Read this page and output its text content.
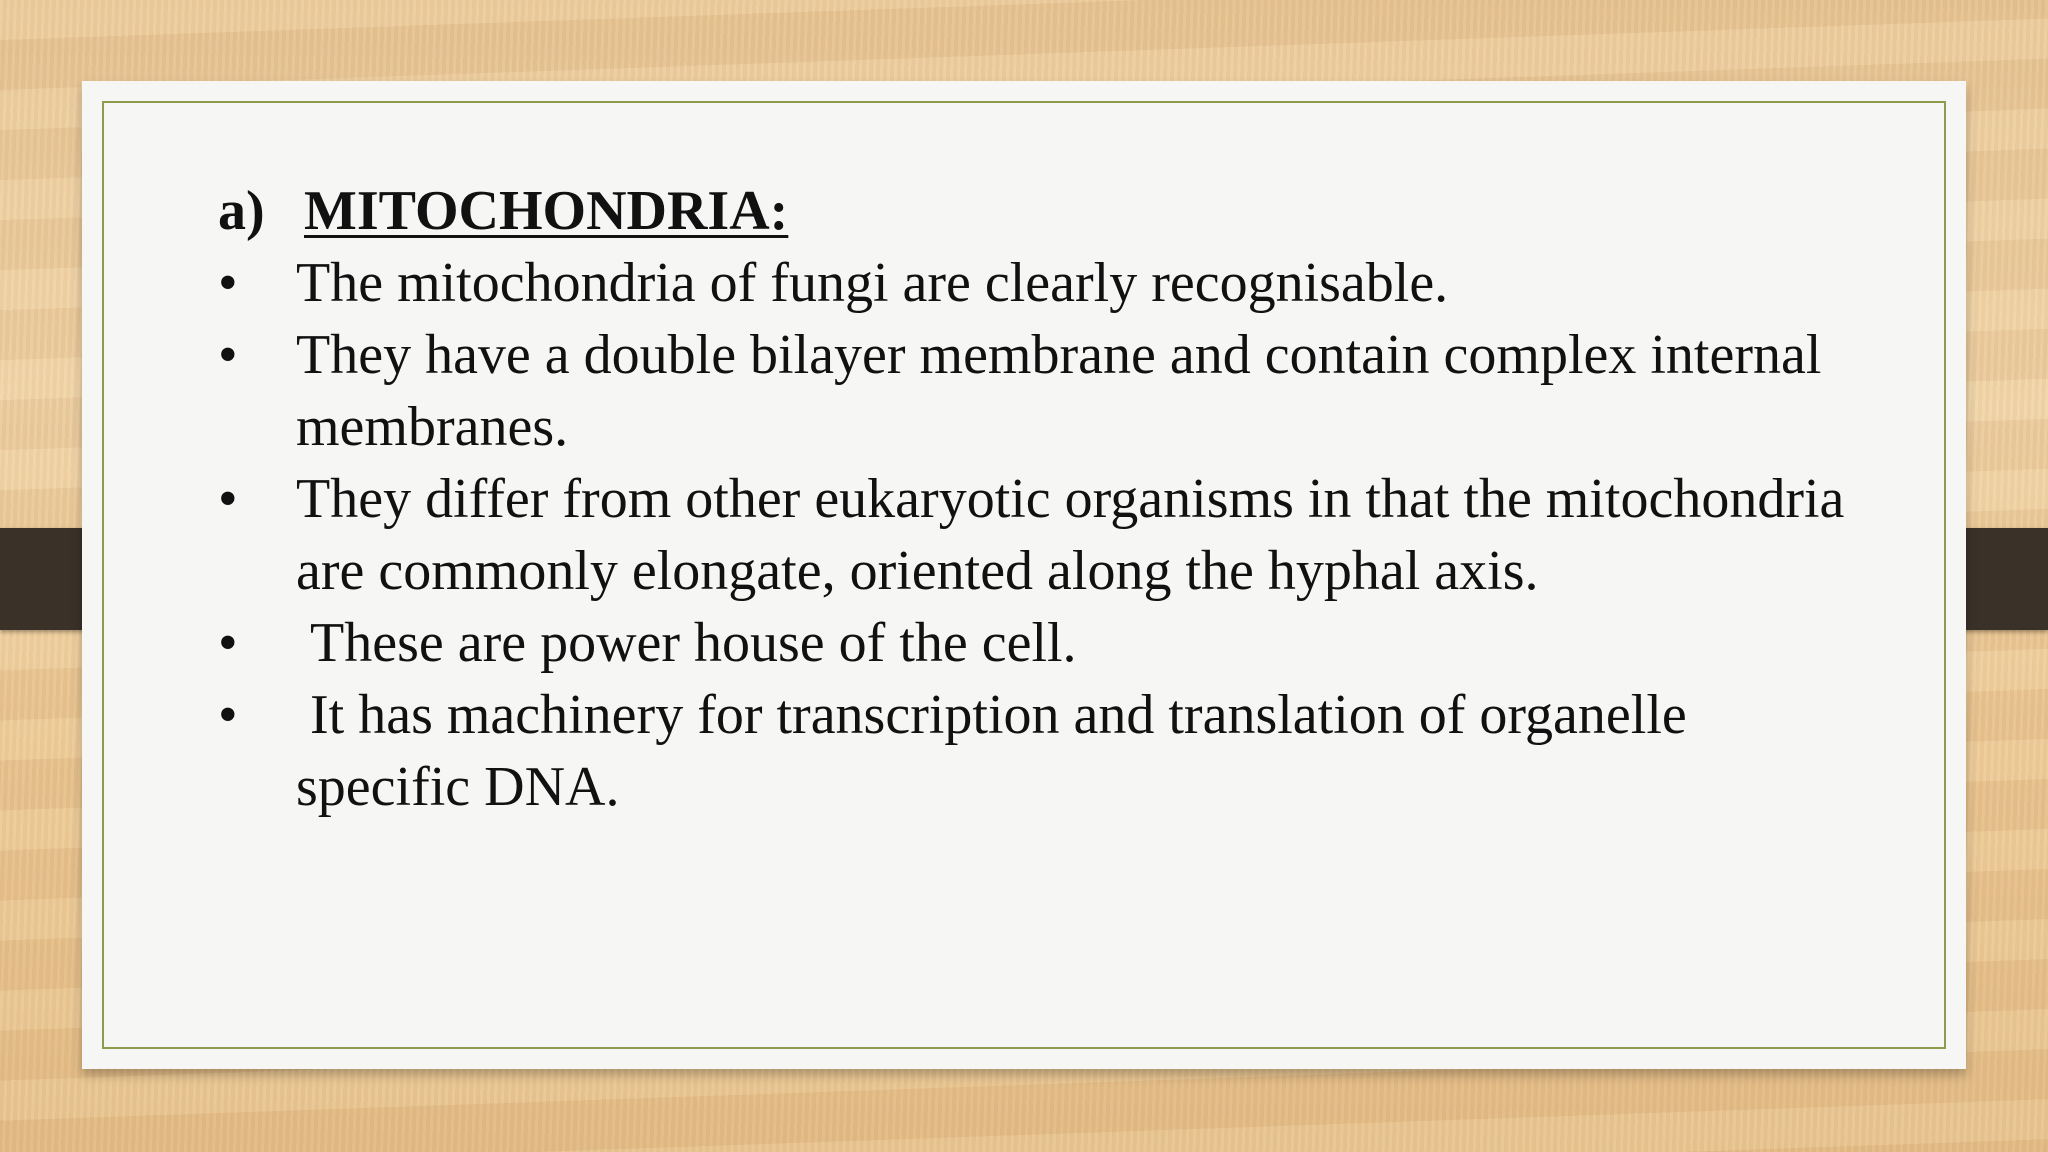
a) MITOCHONDRIA:
• The mitochondria of fungi are clearly recognisable.
• They have a double bilayer membrane and contain complex internal membranes.
• They differ from other eukaryotic organisms in that the mitochondria are commonly elongate, oriented along the hyphal axis.
• These are power house of the cell.
• It has machinery for transcription and translation of organelle specific DNA.
